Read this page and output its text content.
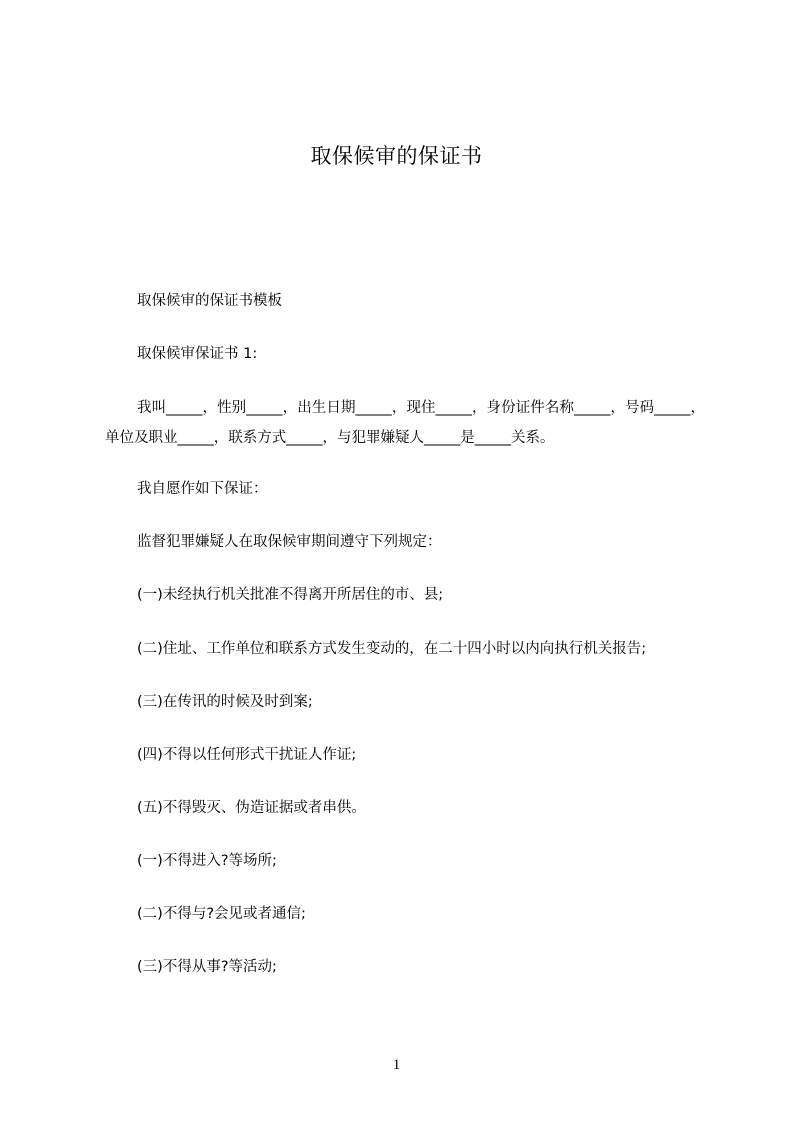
取保候审的保证书
取保候审的保证书模板
取保候审保证书 1:
我叫_____，性别_____，出生日期_____，现住_____，身份证件名称_____，号码_____，单位及职业_____，联系方式_____，与犯罪嫌疑人_____是_____关系。
我自愿作如下保证：
监督犯罪嫌疑人在取保候审期间遵守下列规定：
(一)未经执行机关批准不得离开所居住的市、县;
(二)住址、工作单位和联系方式发生变动的，在二十四小时以内向执行机关报告;
(三)在传讯的时候及时到案;
(四)不得以任何形式干扰证人作证;
(五)不得毁灭、伪造证据或者串供。
(一)不得进入?等场所;
(二)不得与?会见或者通信;
(三)不得从事?等活动;
1
